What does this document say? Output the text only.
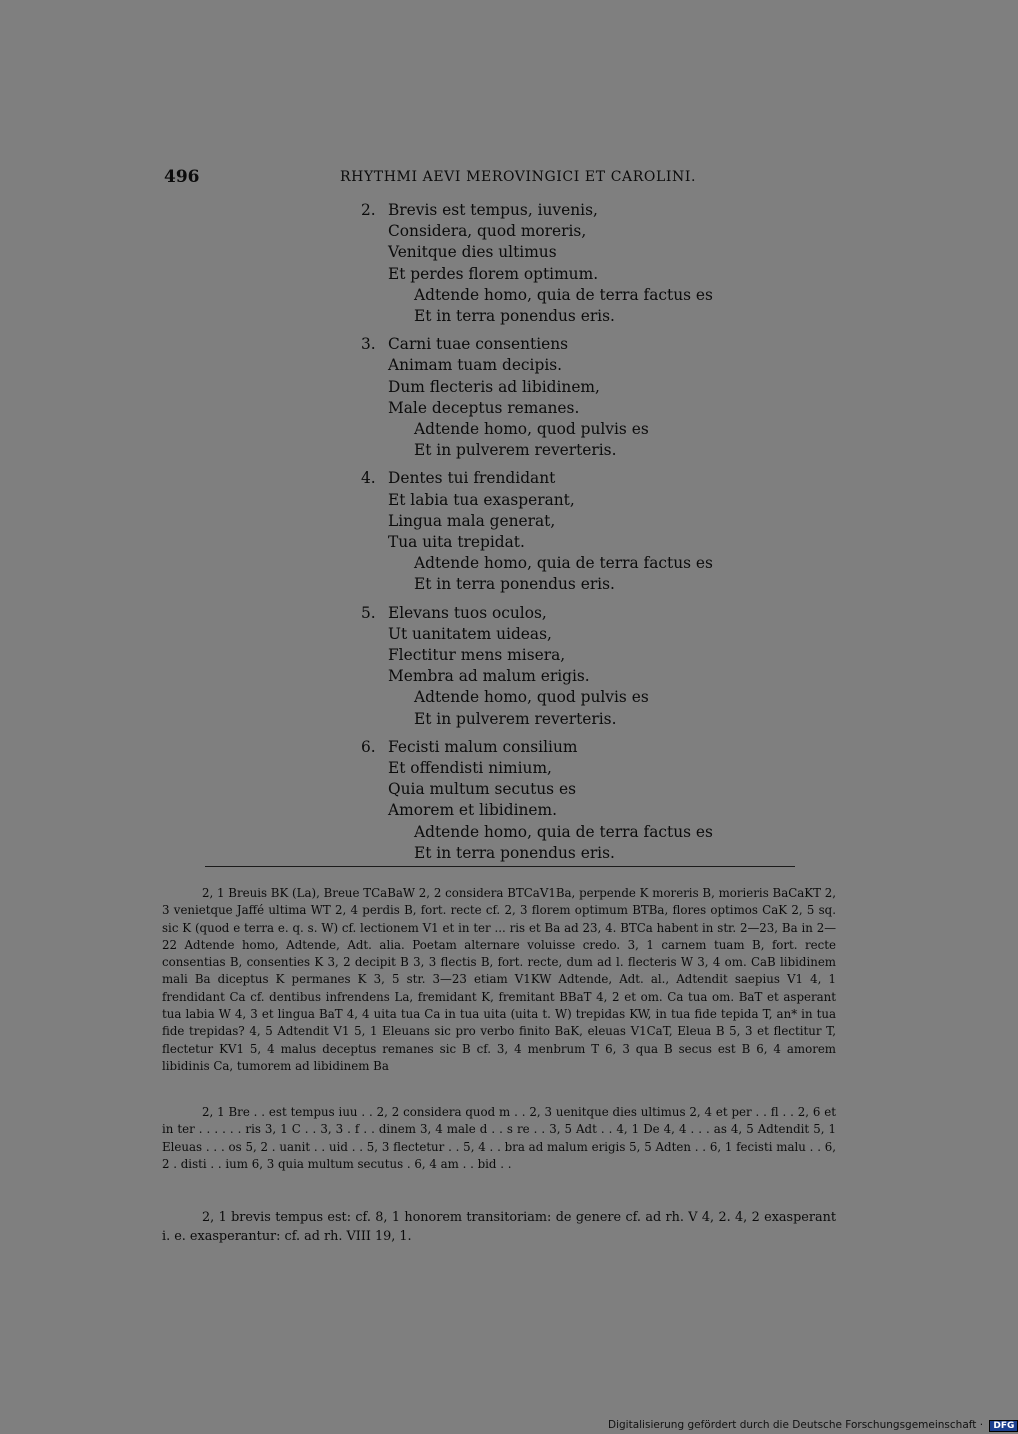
496	RHYTHMI AEVI MEROVINGICI ET CAROLINI.
2. Brevis est tempus, iuvenis,
Considera, quod moreris,
Venitque dies ultimus
Et perdes florem optimum.
Adtende homo, quia de terra factus es
Et in terra ponendus eris.
3. Carni tuae consentiens
Animam tuam decipis.
Dum flecteris ad libidinem,
Male deceptus remanes.
Adtende homo, quod pulvis es
Et in pulverem reverteris.
4. Dentes tui frendidant
Et labia tua exasperant,
Lingua mala generat,
Tua uita trepidat.
Adtende homo, quia de terra factus es
Et in terra ponendus eris.
5. Elevans tuos oculos,
Ut uanitatem uideas,
Flectitur mens misera,
Membra ad malum erigis.
Adtende homo, quod pulvis es
Et in pulverem reverteris.
6. Fecisti malum consilium
Et offendisti nimium,
Quia multum secutus es
Amorem et libidinem.
Adtende homo, quia de terra factus es
Et in terra ponendus eris.

2, 1 Breuis BK (La), Breue TCaBaW 2, 2 considera BTCaV1Ba, perpende K moreris B, morieris BaCaKT 2, 3 venietque Jaffé ultima WT 2, 4 perdis B, fort. recte cf. 2, 3 florem optimum BTBa, flores optimos CaK 2, 5 sq. sic K (quod e terra e. q. s. W) cf. lectionem V1 et in ter ... ris et Ba ad 23, 4. BTCa habent in str. 2—23, Ba in 2—22 Adtende homo, Adtende, Adt. alia. Poetam alternare voluisse credo. 3, 1 carnem tuam B, fort. recte consentias B, consenties K 3, 2 decipit B 3, 3 flectis B, fort. recte, dum ad l. flecteris W 3, 4 om. CaB libidinem mali Ba diceptus K permanes K 3, 5 str. 3—23 etiam V1KW Adtende, Adt. al., Adtendit saepius V1 4, 1 frendidant Ca cf. dentibus infrendens La, fremidant K, fremitant BBaT 4, 2 et om. Ca tua om. BaT et asperant tua labia W 4, 3 et lingua BaT 4, 4 uita tua Ca in tua uita (uita t. W) trepidas KW, in tua fide tepida T, an* in tua fide trepidas? 4, 5 Adtendit V1 5, 1 Eleuans sic pro verbo finito BaK, eleuas V1CaT, Eleua B 5, 3 et flectitur T, flectetur KV1 5, 4 malus deceptus remanes sic B cf. 3, 4 menbrum T 6, 3 qua B secus est B 6, 4 amorem libidinis Ca, tumorem ad libidinem Ba

2, 1 Bre . . est tempus iuu . . 2, 2 considera quod m . . 2, 3 uenitque dies ultimus 2, 4 et per . . fl . . 2, 6 et in ter . . . . . . ris 3, 1 C . . 3, 3 . f . . dinem 3, 4 male d . . s re . . 3, 5 Adt . . 4, 1 De 4, 4 . . . as 4, 5 Adtendit 5, 1 Eleuas . . . os 5, 2 . uanit . . uid . . 5, 3 flectetur . . 5, 4 . . bra ad malum erigis 5, 5 Adten . . 6, 1 fecisti malu . . 6, 2 . disti . . ium 6, 3 quia multum secutus . 6, 4 am . . bid . .

2, 1 brevis tempus est: cf. 8, 1 honorem transitoriam: de genere cf. ad rh. V 4, 2. 4, 2 exasperant i. e. exasperantur: cf. ad rh. VIII 19, 1.

Digitalisierung gefördert durch die Deutsche Forschungsgemeinschaft · DFG
